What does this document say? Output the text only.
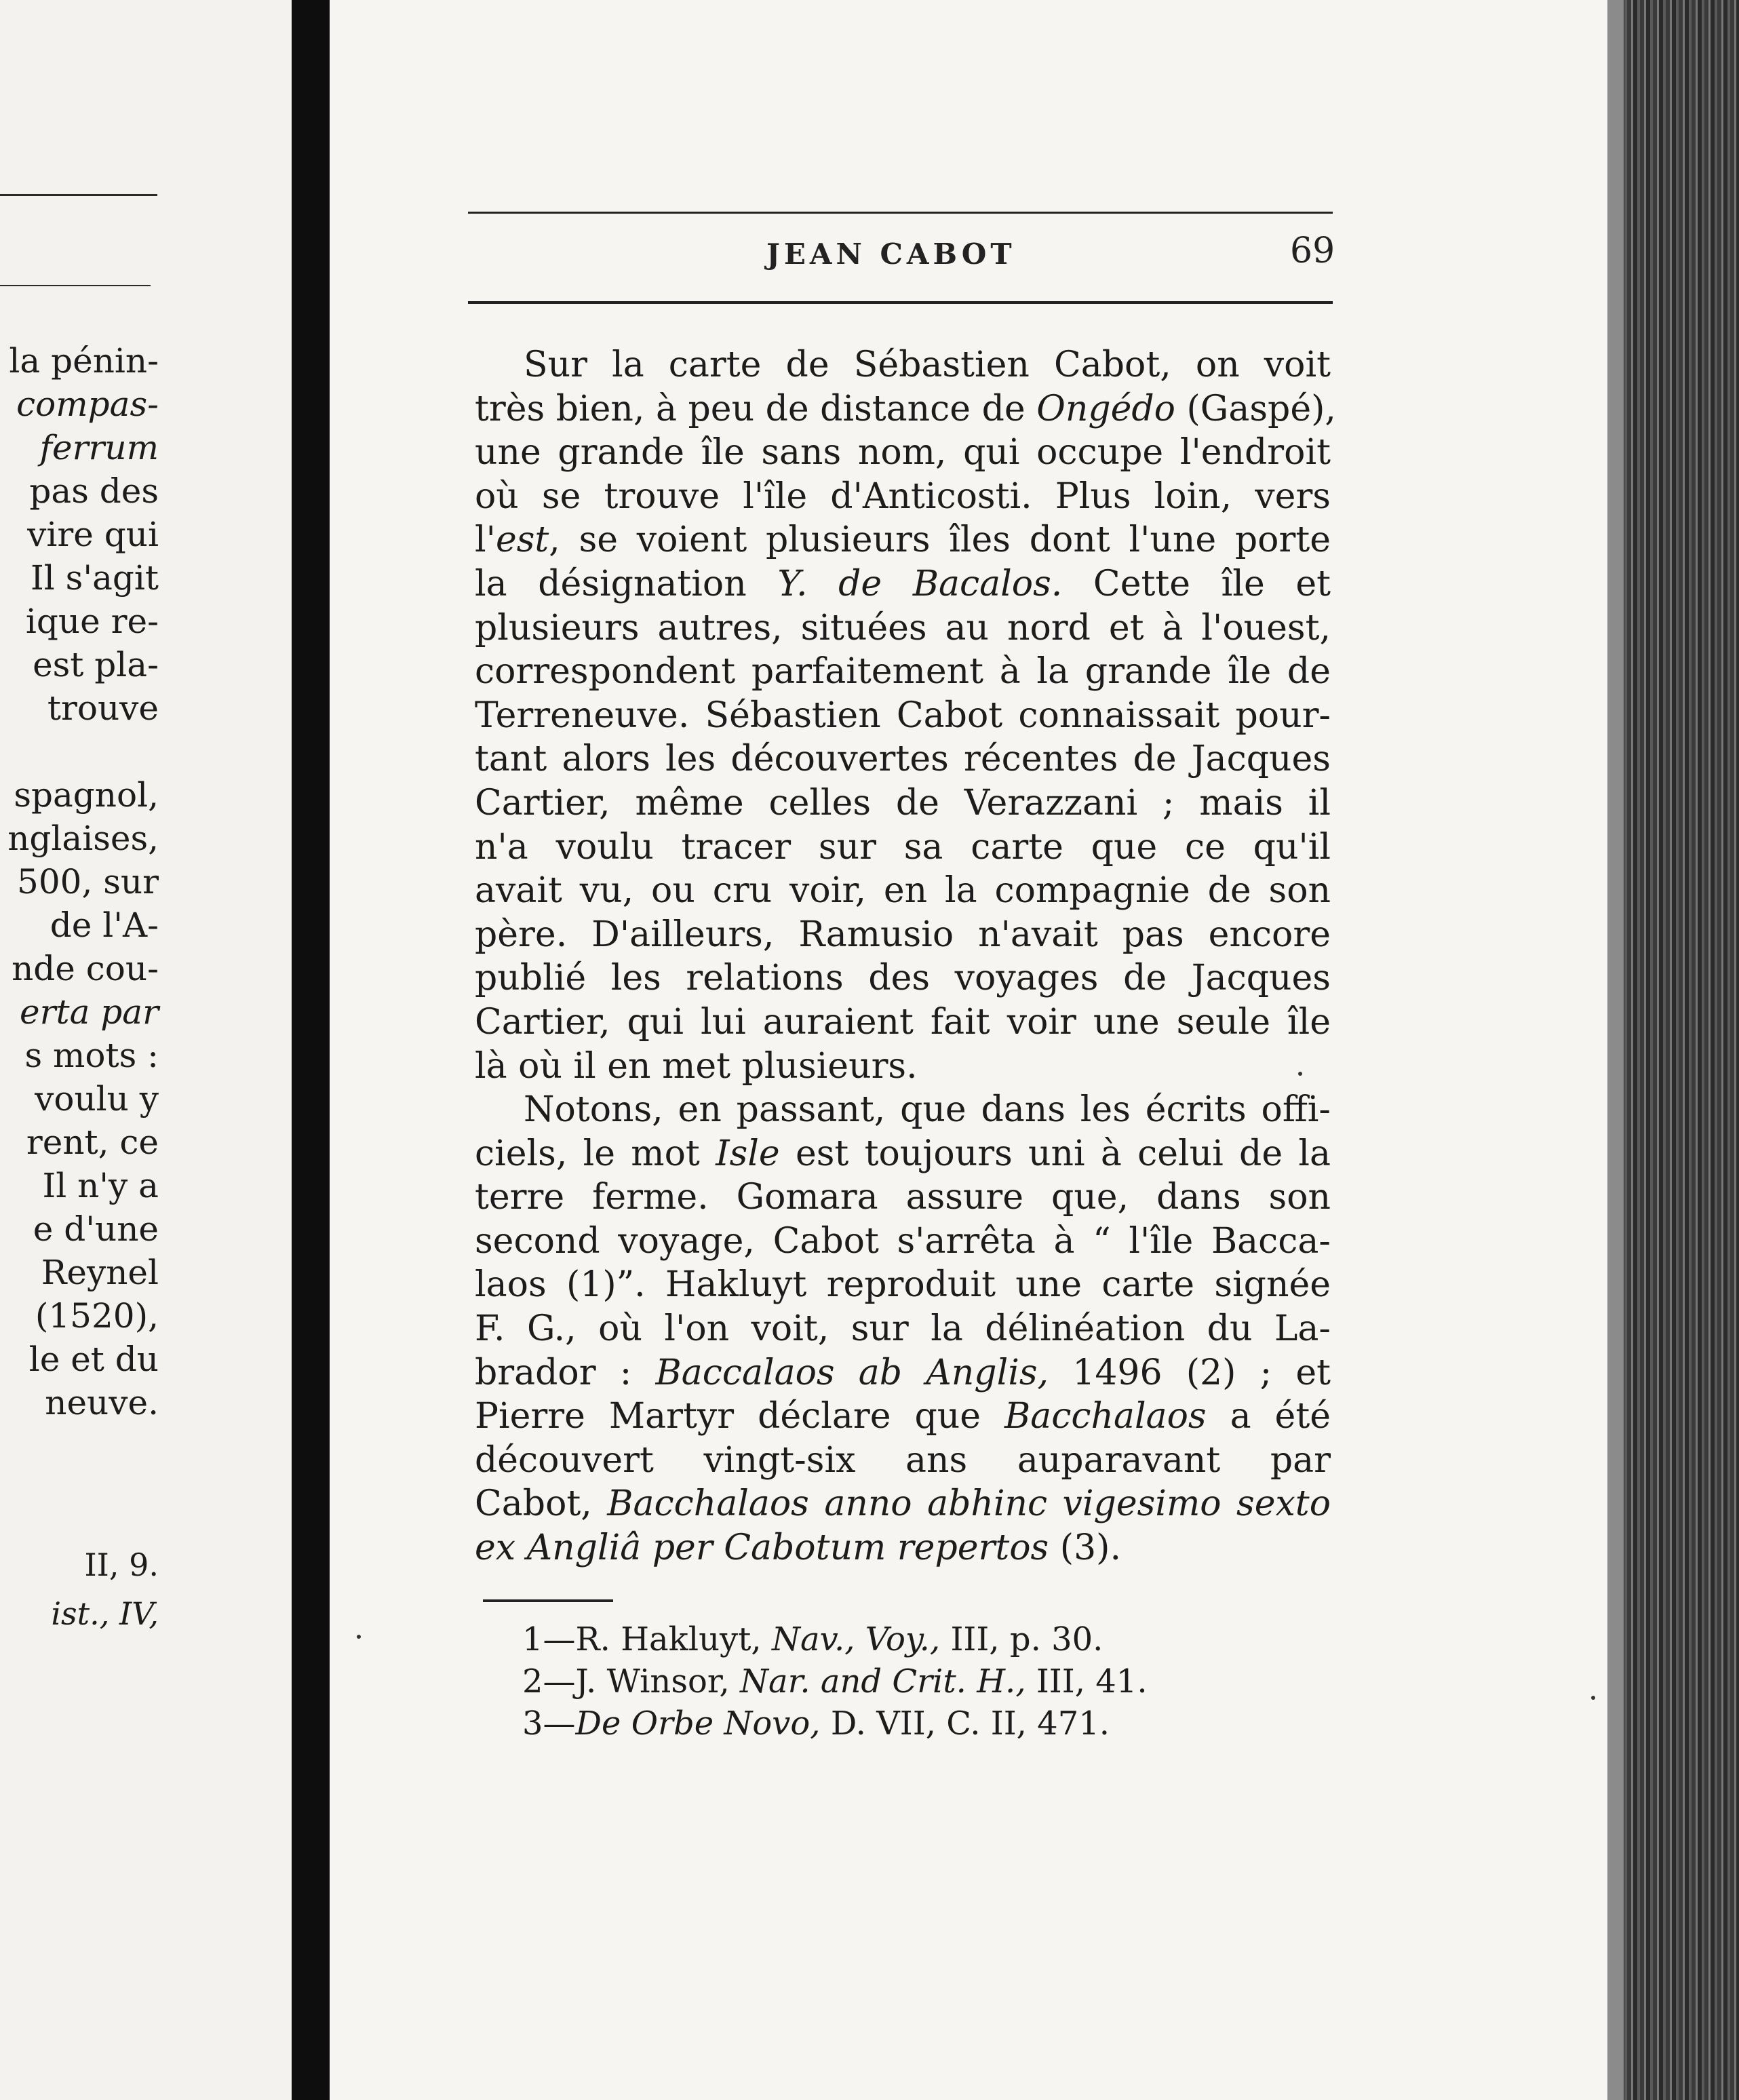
la pénin-
compas-
ferrum
pas des
vire qui
Il s'agit
ique re-
est pla-
trouve
spagnol,
nglaises,
500, sur
de l'A-
nde cou-
erta par
s mots :
voulu y
rent, ce
Il n'y a
e d'une
Reynel
(1520),
le et du
neuve.
II, 9.
ist., IV,
JEAN CABOT	69
Sur la carte de Sébastien Cabot, on voit
très bien, à peu de distance de Ongédo (Gaspé),
une grande île sans nom, qui occupe l'endroit
où se trouve l'île d'Anticosti. Plus loin, vers
l'est, se voient plusieurs îles dont l'une porte
la désignation Y. de Bacalos. Cette île et
plusieurs autres, situées au nord et à l'ouest,
correspondent parfaitement à la grande île de
Terreneuve. Sébastien Cabot connaissait pour-
tant alors les découvertes récentes de Jacques
Cartier, même celles de Verazzani ; mais il
n'a voulu tracer sur sa carte que ce qu'il
avait vu, ou cru voir, en la compagnie de son
père. D'ailleurs, Ramusio n'avait pas encore
publié les relations des voyages de Jacques
Cartier, qui lui auraient fait voir une seule île
là où il en met plusieurs.
Notons, en passant, que dans les écrits offi-
ciels, le mot Isle est toujours uni à celui de la
terre ferme. Gomara assure que, dans son
second voyage, Cabot s'arrêta à “ l'île Bacca-
laos (1)”. Hakluyt reproduit une carte signée
F. G., où l'on voit, sur la délinéation du La-
brador : Baccalaos ab Anglis, 1496 (2) ; et
Pierre Martyr déclare que Bacchalaos a été
découvert vingt-six ans auparavant par
Cabot, Bacchalaos anno abhinc vigesimo sexto
ex Angliâ per Cabotum repertos (3).
1—R. Hakluyt, Nav., Voy., III, p. 30.
2—J. Winsor, Nar. and Crit. H., III, 41.
3—De Orbe Novo, D. VII, C. II, 471.
